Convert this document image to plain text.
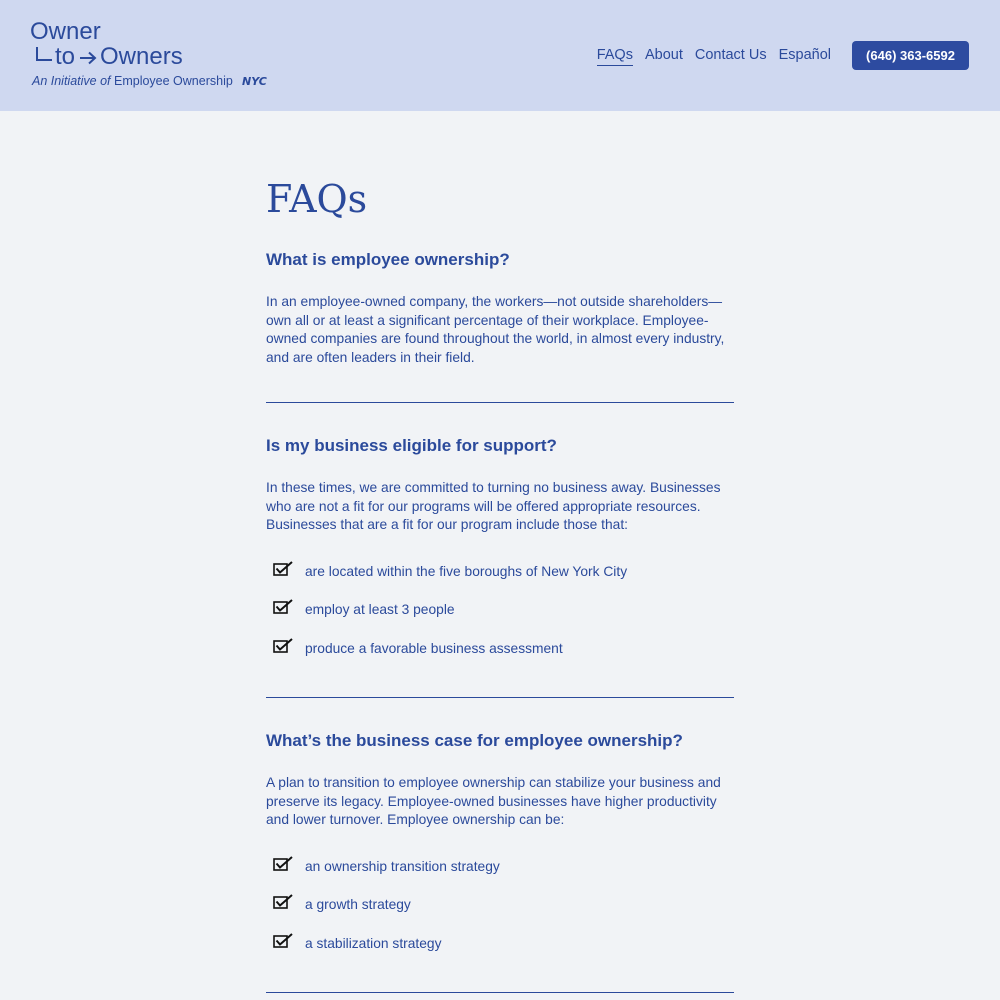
Owner
to Owners
An Initiative of Employee Ownership NYC
FAQs About Contact Us Español	(646) 363-6592
FAQs
What is employee ownership?

In an employee-owned company, the workers—not outside shareholders—own all or at least a significant percentage of their workplace. Employee-owned companies are found throughout the world, in almost every industry, and are often leaders in their field.

Is my business eligible for support?

In these times, we are committed to turning no business away. Businesses who are not a fit for our programs will be offered appropriate resources. Businesses that are a fit for our program include those that:

are located within the five boroughs of New York City
employ at least 3 people
produce a favorable business assessment
What’s the business case for employee ownership?

A plan to transition to employee ownership can stabilize your business and preserve its legacy. Employee-owned businesses have higher productivity and lower turnover. Employee ownership can be:

an ownership transition strategy
a growth strategy
a stabilization strategy
